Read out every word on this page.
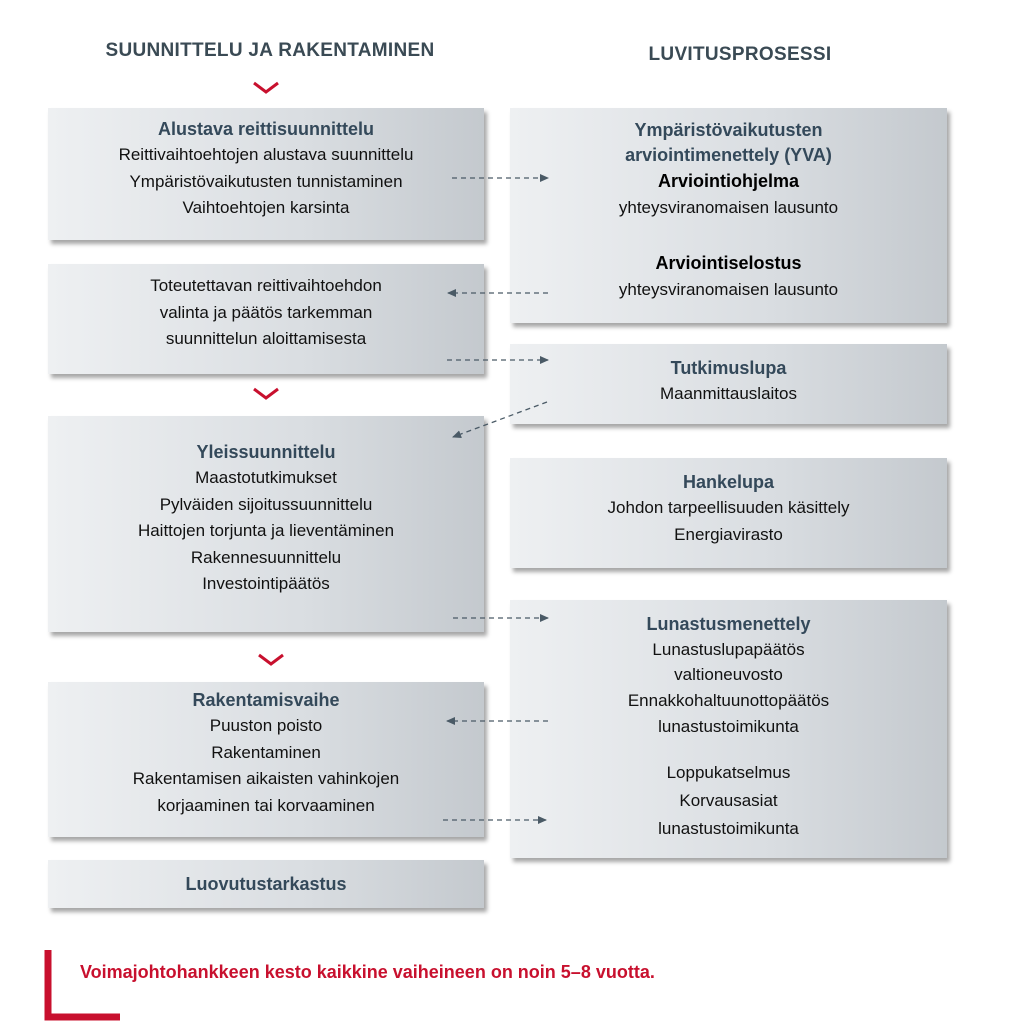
SUUNNITTELU JA RAKENTAMINEN	LUVITUSPROSESSI
Alustava reittisuunnittelu
Reittivaihtoehtojen alustava suunnittelu
Ympäristövaikutusten tunnistaminen
Vaihtoehtojen karsinta
Toteutettavan reittivaihtoehdon
valinta ja päätös tarkemman
suunnittelun aloittamisesta
Yleissuunnittelu
Maastotutkimukset
Pylväiden sijoitussuunnittelu
Haittojen torjunta ja lieventäminen
Rakennesuunnittelu
Investointipäätös
Rakentamisvaihe
Puuston poisto
Rakentaminen
Rakentamisen aikaisten vahinkojen
korjaaminen tai korvaaminen
Luovutustarkastus
Ympäristövaikutusten
arviointimenettely (YVA)
Arviointiohjelma
yhteysviranomaisen lausunto
Arviointiselostus
yhteysviranomaisen lausunto
Tutkimuslupa
Maanmittauslaitos
Hankelupa
Johdon tarpeellisuuden käsittely
Energiavirasto
Lunastusmenettely
Lunastuslupapäätös
valtioneuvosto
Ennakkohaltuunottopäätös
lunastustoimikunta
Loppukatselmus
Korvausasiat
lunastustoimikunta
Voimajohtohankkeen kesto kaikkine vaiheineen on noin 5–8 vuotta.
